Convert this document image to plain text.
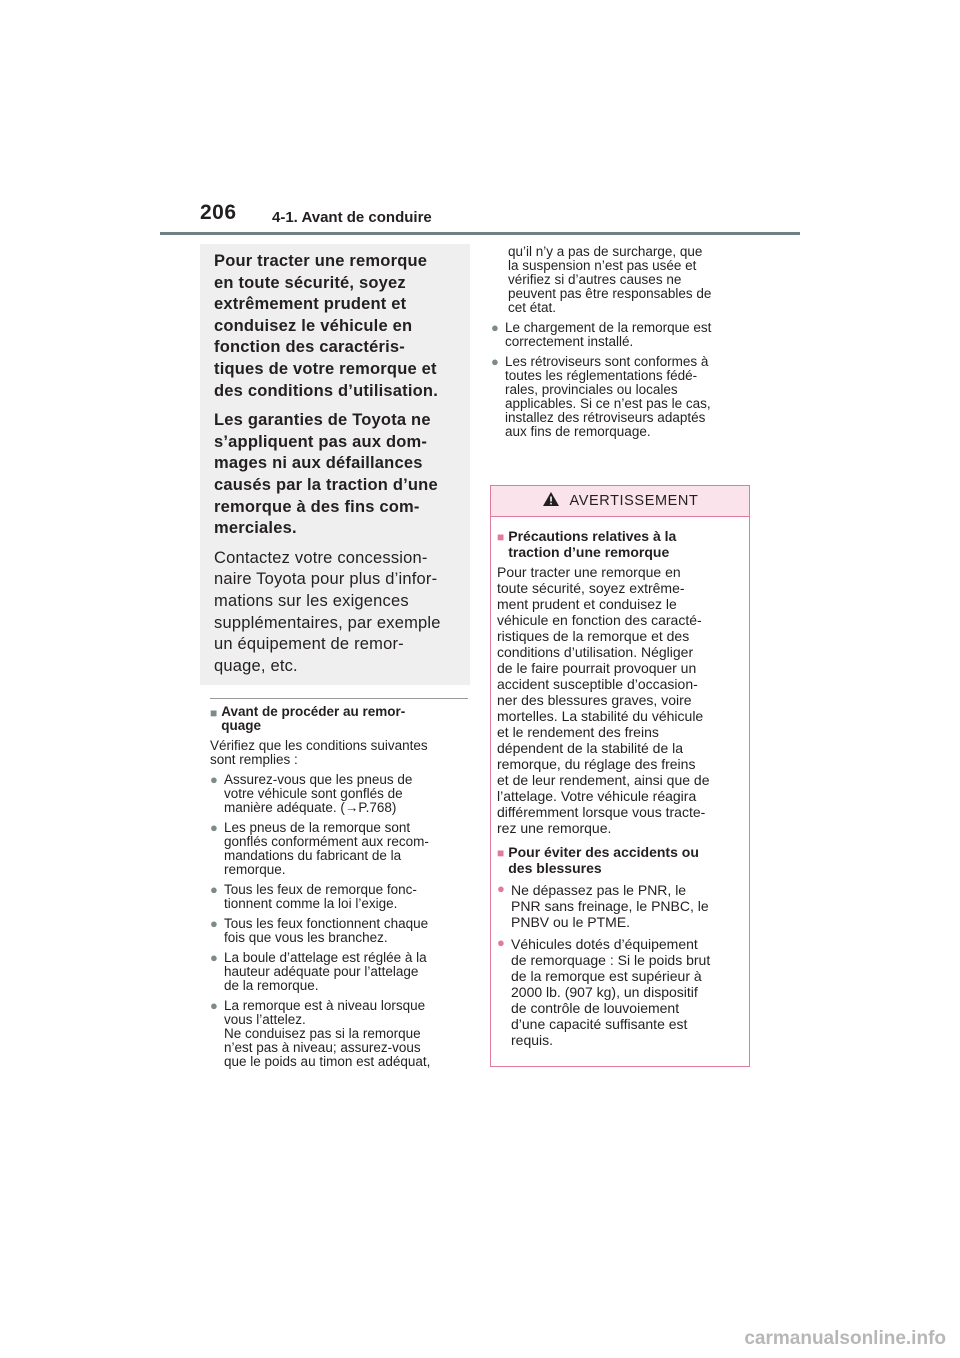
206 4-1. Avant de conduire

Pour tracter une remorque
en toute sécurité, soyez
extrêmement prudent et
conduisez le véhicule en
fonction des caractéris-
tiques de votre remorque et
des conditions d’utilisation.

Les garanties de Toyota ne
s’appliquent pas aux dom-
mages ni aux défaillances
causés par la traction d’une
remorque à des fins com-
merciales.

Contactez votre concession-
naire Toyota pour plus d’infor-
mations sur les exigences
supplémentaires, par exemple
un équipement de remor-
quage, etc.

■ Avant de procéder au remor-
quage

Vérifiez que les conditions suivantes
sont remplies :

● Assurez-vous que les pneus de
votre véhicule sont gonflés de
manière adéquate. (→P.768)
● Les pneus de la remorque sont
gonflés conformément aux recom-
mandations du fabricant de la
remorque.
● Tous les feux de remorque fonc-
tionnent comme la loi l’exige.
● Tous les feux fonctionnent chaque
fois que vous les branchez.
● La boule d’attelage est réglée à la
hauteur adéquate pour l’attelage
de la remorque.
● La remorque est à niveau lorsque
vous l’attelez.
Ne conduisez pas si la remorque
n’est pas à niveau; assurez-vous
que le poids au timon est adéquat,
qu’il n’y a pas de surcharge, que
la suspension n’est pas usée et
vérifiez si d’autres causes ne
peuvent pas être responsables de
cet état.
● Le chargement de la remorque est
correctement installé.
● Les rétroviseurs sont conformes à
toutes les réglementations fédé-
rales, provinciales ou locales
applicables. Si ce n’est pas le cas,
installez des rétroviseurs adaptés
aux fins de remorquage.
AVERTISSEMENT
■ Précautions relatives à la
traction d’une remorque

Pour tracter une remorque en
toute sécurité, soyez extrême-
ment prudent et conduisez le
véhicule en fonction des caracté-
ristiques de la remorque et des
conditions d’utilisation. Négliger
de le faire pourrait provoquer un
accident susceptible d’occasion-
ner des blessures graves, voire
mortelles. La stabilité du véhicule
et le rendement des freins
dépendent de la stabilité de la
remorque, du réglage des freins
et de leur rendement, ainsi que de
l’attelage. Votre véhicule réagira
différemment lorsque vous tracte-
rez une remorque.

■ Pour éviter des accidents ou
des blessures
● Ne dépassez pas le PNR, le
PNR sans freinage, le PNBC, le
PNBV ou le PTME.
● Véhicules dotés d’équipement
de remorquage : Si le poids brut
de la remorque est supérieur à
2000 lb. (907 kg), un dispositif
de contrôle de louvoiement
d’une capacité suffisante est
requis.
carmanualsonline.info
